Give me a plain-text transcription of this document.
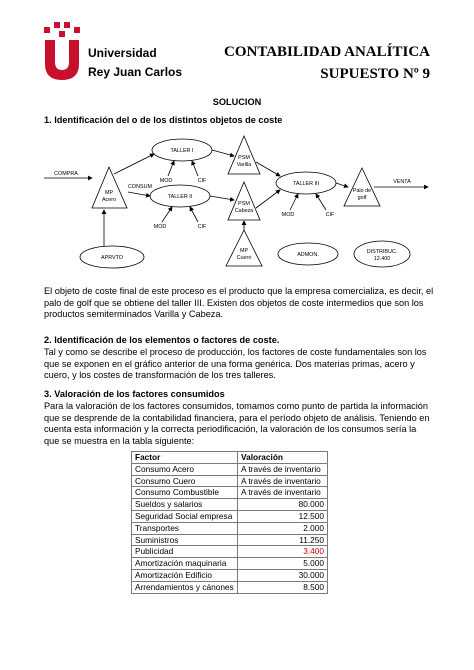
Universidad
Rey Juan Carlos
CONTABILIDAD ANALÍTICA
SUPUESTO Nº 9
SOLUCION
1. Identificación del o de los distintos objetos de coste
COMPRA
MP
Acero
CONSUM
TALLER I
TALLER II
MOD	CIF
MOD	CIF
PSM
Varilla
PSM
Cabeza
TALLER III
MOD	CIF
Palo de
golf
VENTA
MP
Cuero
APRVTO	ADMON.	DISTRIBUC.
12.400
El objeto de coste final de este proceso es el producto que la empresa comercializa, es decir, el palo de golf que se obtiene del taller III. Existen dos objetos de coste intermedios que son los productos semiterminados Varilla y Cabeza.
2. Identificación de los elementos o factores de coste.
Tal y como se describe el proceso de producción, los factores de coste fundamentales son los que se exponen en el gráfico anterior de una forma genérica. Dos materias primas, acero y cuero, y los costes de transformación de los tres talleres.
3. Valoración de los factores consumidos
Para la valoración de los factores consumidos, tomamos como punto de partida la información que se desprende de la contabilidad financiera, para el período objeto de análisis. Teniendo en cuenta esta información y la correcta periodificación, la valoración de los consumos sería la que se muestra en la tabla siguiente:
Factor	Valoración
Consumo Acero	A través de inventario
Consumo Cuero	A través de inventario
Consumo Combustible	A través de inventario
Sueldos y salarios	80.000
Seguridad Social empresa	12.500
Transportes	2.000
Suministros	11.250
Publicidad	3.400
Amortización maquinaria	5.000
Amortización Edificio	30.000
Arrendamientos y cánones	8.500
